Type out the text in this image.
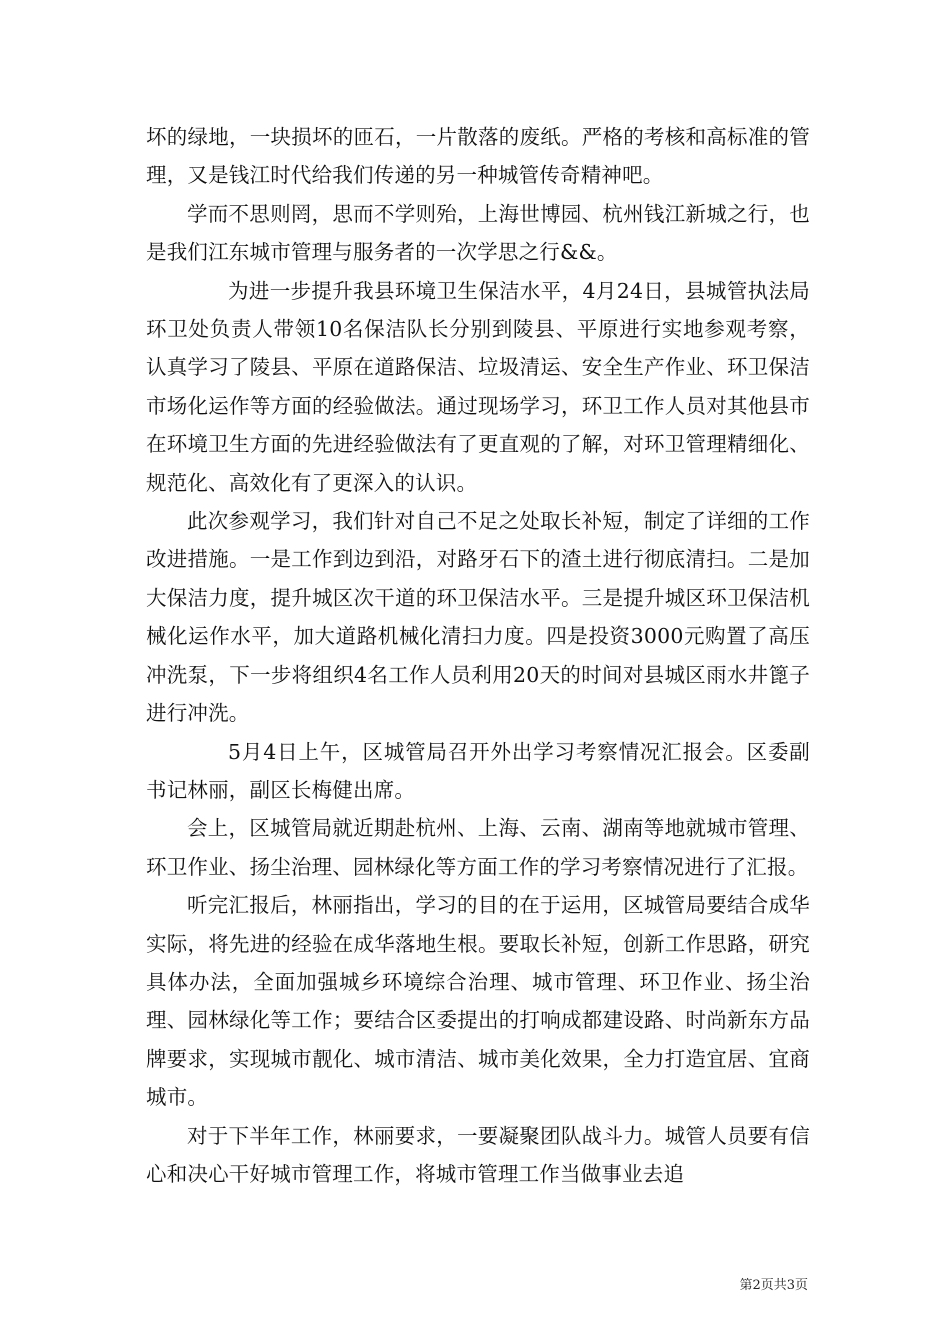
坏的绿地，一块损坏的匝石，一片散落的废纸。严格的考核和高标准的管理，又是钱江时代给我们传递的另一种城管传奇精神吧。

学而不思则罔，思而不学则殆，上海世博园、杭州钱江新城之行，也是我们江东城市管理与服务者的一次学思之行&&。

为进一步提升我县环境卫生保洁水平，4月24日，县城管执法局环卫处负责人带领10名保洁队长分别到陵县、平原进行实地参观考察，认真学习了陵县、平原在道路保洁、垃圾清运、安全生产作业、环卫保洁市场化运作等方面的经验做法。通过现场学习，环卫工作人员对其他县市在环境卫生方面的先进经验做法有了更直观的了解，对环卫管理精细化、规范化、高效化有了更深入的认识。

此次参观学习，我们针对自己不足之处取长补短，制定了详细的工作改进措施。一是工作到边到沿，对路牙石下的渣土进行彻底清扫。二是加大保洁力度，提升城区次干道的环卫保洁水平。三是提升城区环卫保洁机械化运作水平，加大道路机械化清扫力度。四是投资3000元购置了高压冲洗泵，下一步将组织4名工作人员利用20天的时间对县城区雨水井篦子进行冲洗。

5月4日上午，区城管局召开外出学习考察情况汇报会。区委副书记林丽，副区长梅健出席。

会上，区城管局就近期赴杭州、上海、云南、湖南等地就城市管理、环卫作业、扬尘治理、园林绿化等方面工作的学习考察情况进行了汇报。

听完汇报后，林丽指出，学习的目的在于运用，区城管局要结合成华实际，将先进的经验在成华落地生根。要取长补短，创新工作思路，研究具体办法，全面加强城乡环境综合治理、城市管理、环卫作业、扬尘治理、园林绿化等工作；要结合区委提出的打响成都建设路、时尚新东方品牌要求，实现城市靓化、城市清洁、城市美化效果，全力打造宜居、宜商城市。

对于下半年工作，林丽要求，一要凝聚团队战斗力。城管人员要有信心和决心干好城市管理工作，将城市管理工作当做事业去追

第2页共3页
